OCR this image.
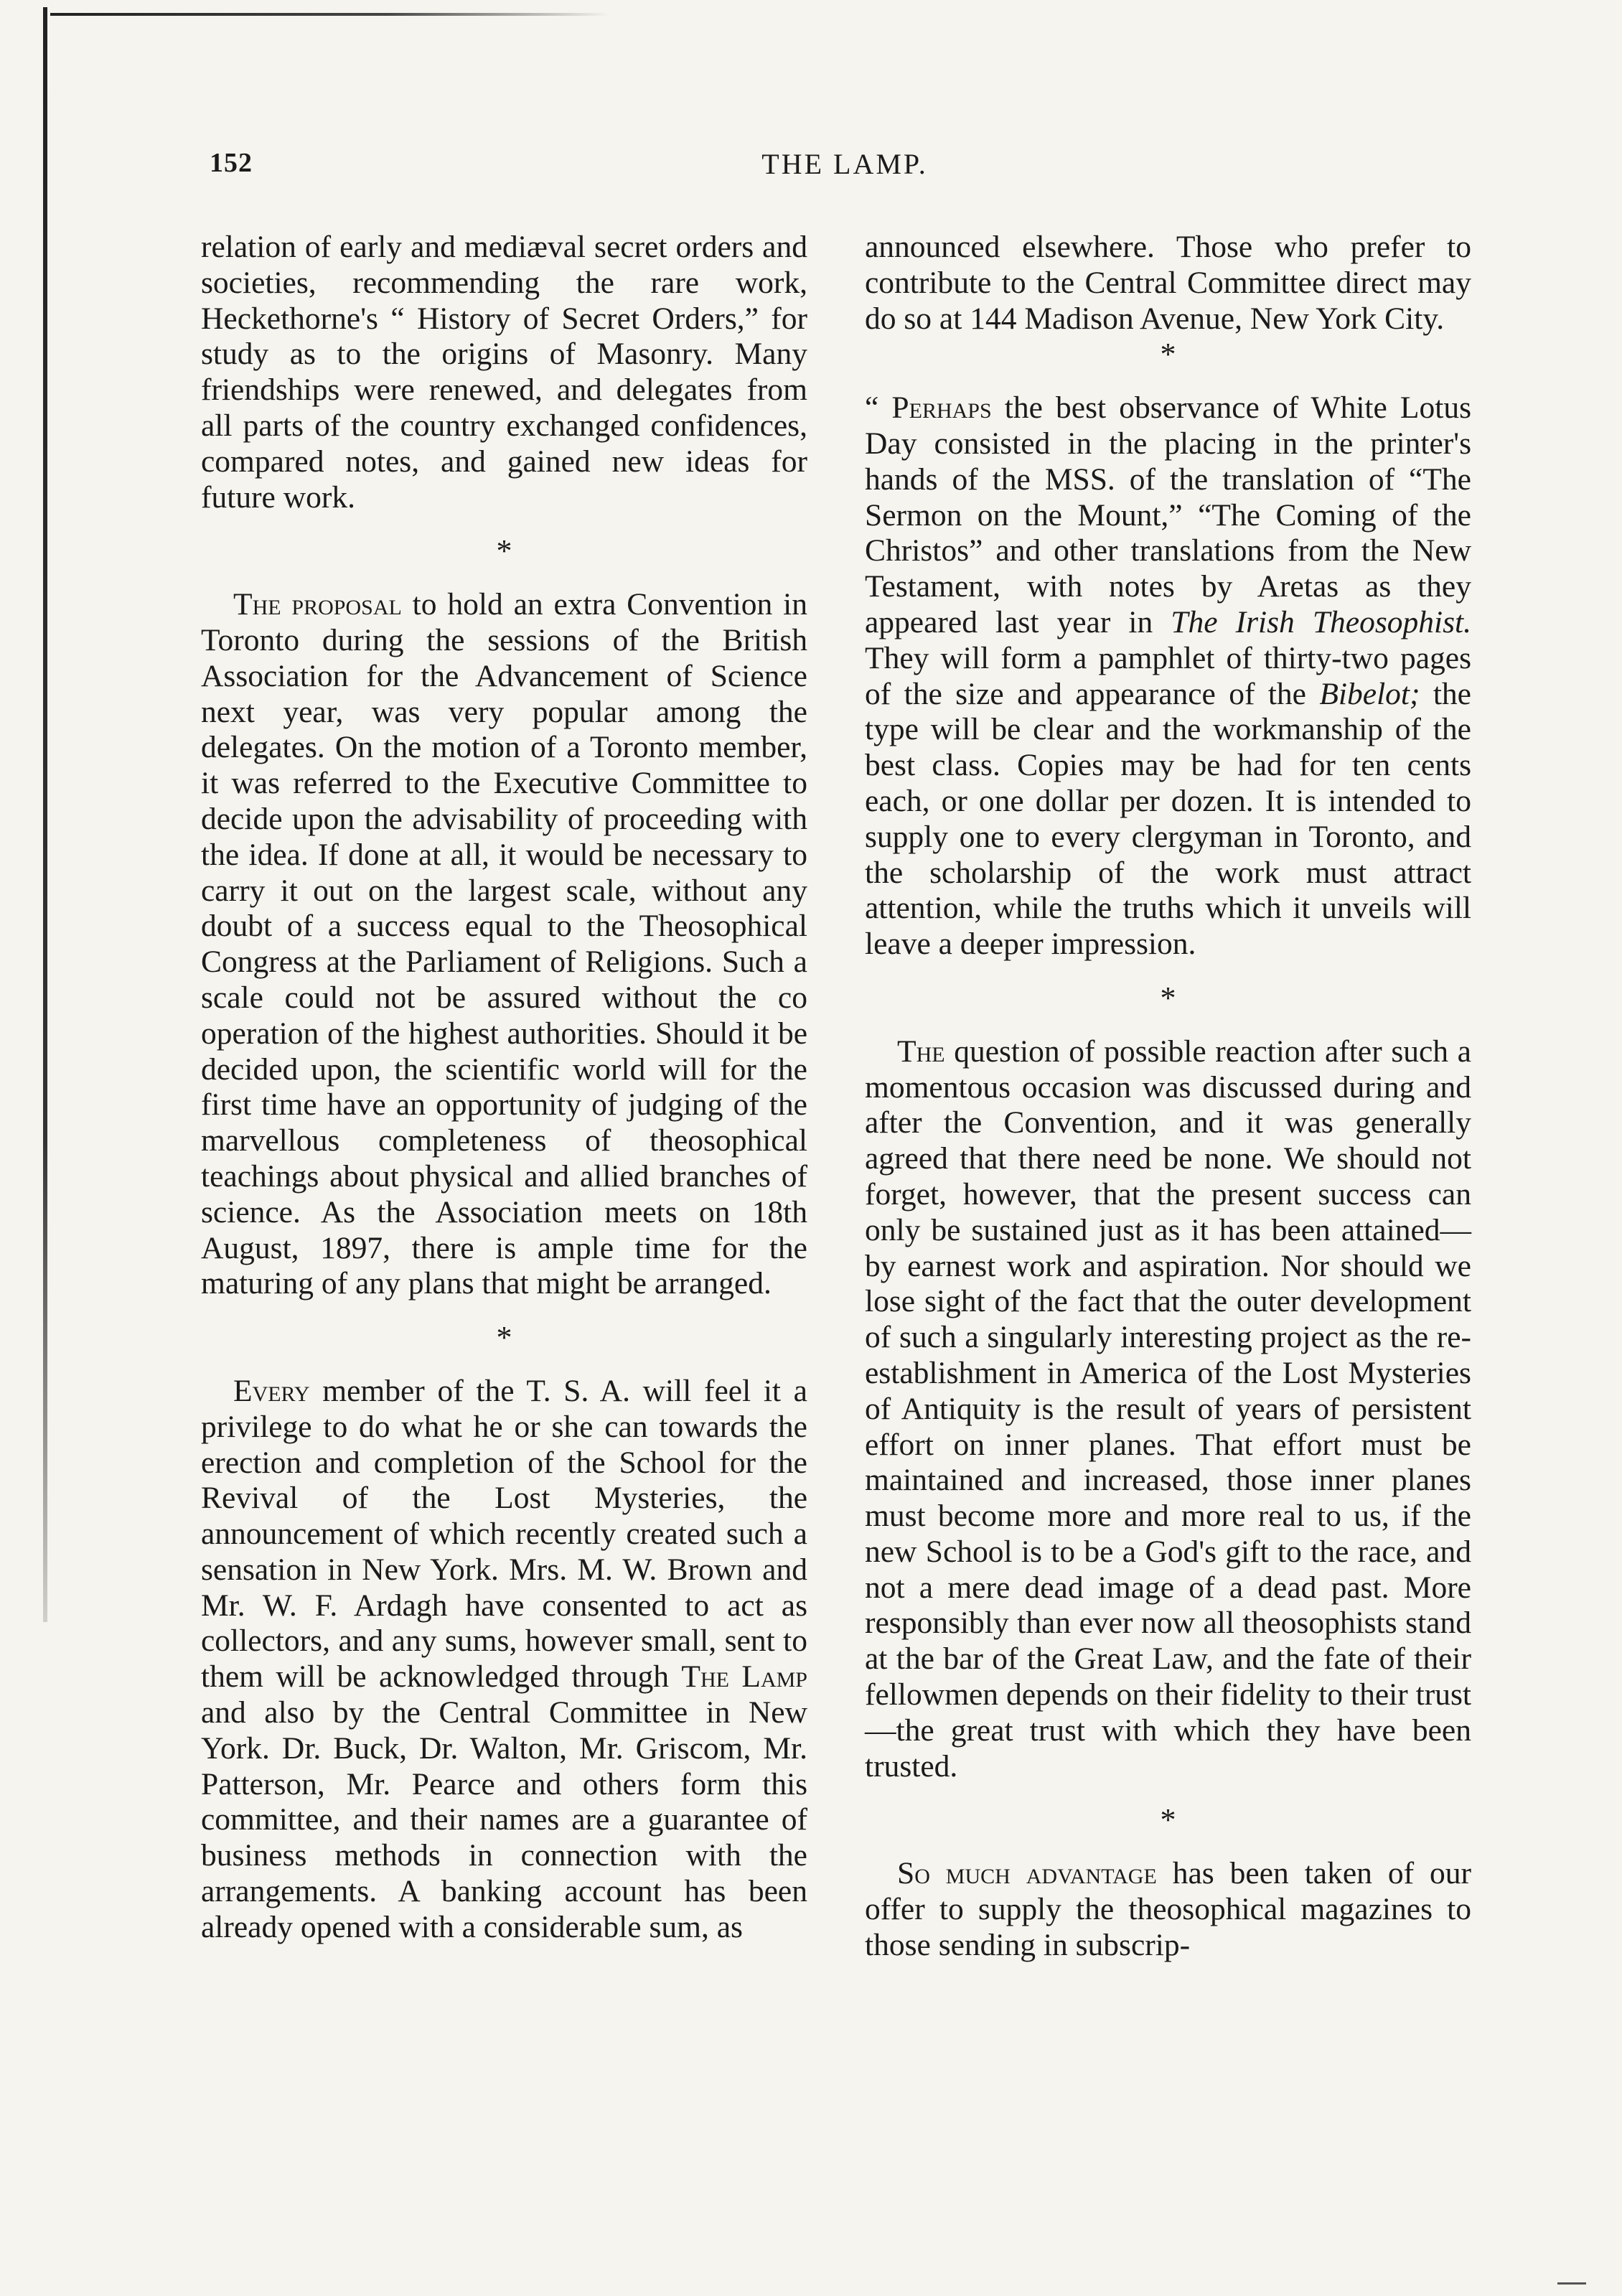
152	THE LAMP.

relation of early and mediæval secret orders and societies, recommending the rare work, Heckethorne's “ History of Secret Orders,” for study as to the origins of Masonry. Many friendships were renewed, and delegates from all parts of the country exchanged confidences, compared notes, and gained new ideas for future work.

*

The proposal to hold an extra Convention in Toronto during the sessions of the British Association for the Advancement of Science next year, was very popular among the delegates. On the motion of a Toronto member, it was referred to the Executive Committee to decide upon the advisability of proceeding with the idea. If done at all, it would be necessary to carry it out on the largest scale, without any doubt of a success equal to the Theosophical Congress at the Parliament of Religions. Such a scale could not be assured without the co operation of the highest authorities. Should it be decided upon, the scientific world will for the first time have an opportunity of judging of the marvellous completeness of theosophical teachings about physical and allied branches of science. As the Association meets on 18th August, 1897, there is ample time for the maturing of any plans that might be arranged.

*

Every member of the T. S. A. will feel it a privilege to do what he or she can towards the erection and completion of the School for the Revival of the Lost Mysteries, the announcement of which recently created such a sensation in New York. Mrs. M. W. Brown and Mr. W. F. Ardagh have consented to act as collectors, and any sums, however small, sent to them will be acknowledged through The Lamp and also by the Central Committee in New York. Dr. Buck, Dr. Walton, Mr. Griscom, Mr. Patterson, Mr. Pearce and others form this committee, and their names are a guarantee of business methods in connection with the arrangements. A banking account has been already opened with a considerable sum, as

announced elsewhere. Those who prefer to contribute to the Central Committee direct may do so at 144 Madison Avenue, New York City.

*

“ Perhaps the best observance of White Lotus Day consisted in the placing in the printer's hands of the MSS. of the translation of “The Sermon on the Mount,” “The Coming of the Christos” and other translations from the New Testament, with notes by Aretas as they appeared last year in The Irish Theosophist. They will form a pamphlet of thirty-two pages of the size and appearance of the Bibelot; the type will be clear and the workmanship of the best class. Copies may be had for ten cents each, or one dollar per dozen. It is intended to supply one to every clergyman in Toronto, and the scholarship of the work must attract attention, while the truths which it unveils will leave a deeper impression.

*

The question of possible reaction after such a momentous occasion was discussed during and after the Convention, and it was generally agreed that there need be none. We should not forget, however, that the present success can only be sustained just as it has been attained—by earnest work and aspiration. Nor should we lose sight of the fact that the outer development of such a singularly interesting project as the re-establishment in America of the Lost Mysteries of Antiquity is the result of years of persistent effort on inner planes. That effort must be maintained and increased, those inner planes must become more and more real to us, if the new School is to be a God's gift to the race, and not a mere dead image of a dead past. More responsibly than ever now all theosophists stand at the bar of the Great Law, and the fate of their fellowmen depends on their fidelity to their trust—the great trust with which they have been trusted.

*

So much advantage has been taken of our offer to supply the theosophical magazines to those sending in subscrip-
